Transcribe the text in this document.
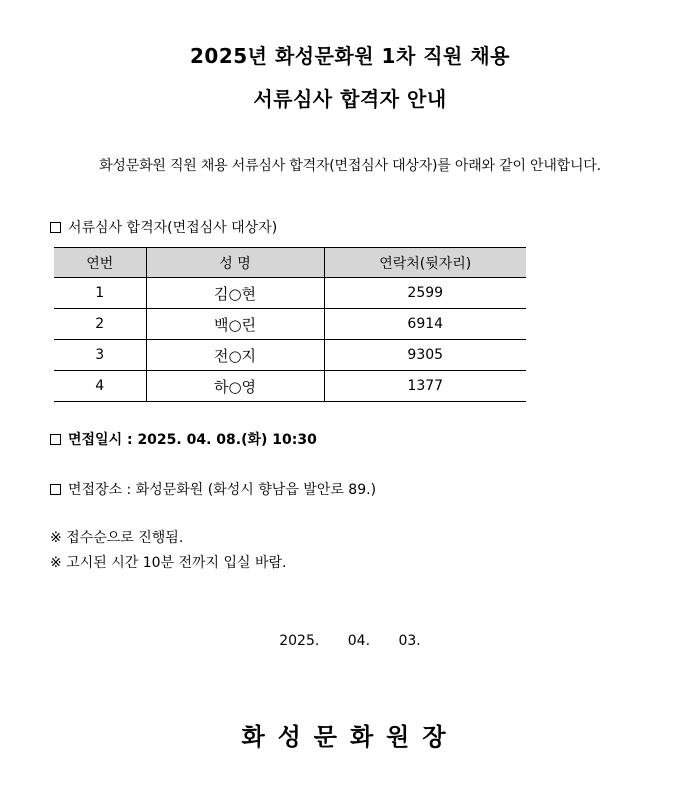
2025년 화성문화원 1차 직원 채용
서류심사 합격자 안내
화성문화원 직원 채용 서류심사 합격자(면접심사 대상자)를 아래와 같이 안내합니다.
서류심사 합격자(면접심사 대상자)
연번	성 명	연락처(뒷자리)
1	김○현	2599
2	백○린	6914
3	전○지	9305
4	하○영	1377
면접일시 : 2025. 04. 08.(화) 10:30
면접장소 : 화성문화원 (화성시 향남읍 발안로 89.)
※ 접수순으로 진행됨.
※ 고시된 시간 10분 전까지 입실 바람.
2025. 04. 03.
화성문화원장
